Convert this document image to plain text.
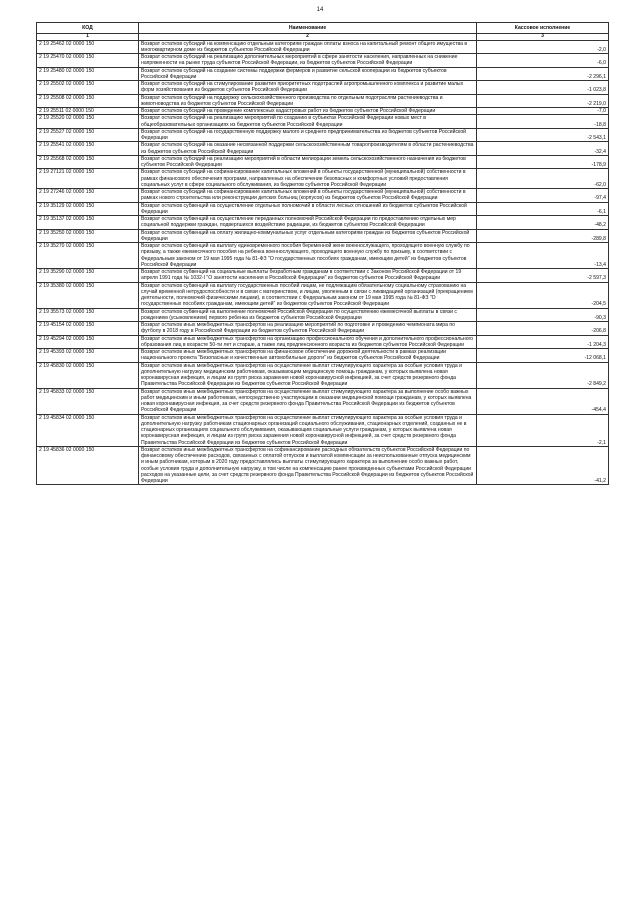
14
КОД	Наименование	Кассовое исполнение
1	2	3
2 19 25462 02 0000 150	Возврат остатков субсидий на компенсацию отдельным категориям граждан оплаты взноса на капитальный ремонт общего имущества в многоквартирном доме из бюджетов субъектов Российской Федерации	-2,0
2 19 25470 02 0000 150	Возврат остатков субсидий на реализацию дополнительных мероприятий в сфере занятости населения, направленных на снижение напряженности на рынке труда субъектов Российской Федерации, из бюджетов субъектов Российской Федерации	-6,0
2 19 25480 02 0000 150	Возврат остатков субсидий на создание системы поддержки фермеров и развитие сельской кооперации из бюджетов субъектов Российской Федерации	-2 296,1
2 19 25502 02 0000 150	Возврат остатков субсидий на стимулирование развития приоритетных подотраслей агропромышленного комплекса и развитие малых форм хозяйствования из бюджетов субъектов Российской Федерации	-1 023,8
2 19 25508 02 0000 150	Возврат остатков субсидий на поддержку сельскохозяйственного производства по отдельным подотраслям растениеводства и животноводства из бюджетов субъектов Российской Федерации	-2 219,0
2 19 25511 02 0000 150	Возврат остатков субсидий на проведение комплексных кадастровых работ из бюджетов субъектов Российской Федерации	-7,0
2 19 25520 02 0000 150	Возврат остатков субсидий на реализацию мероприятий по созданию в субъектах Российской Федерации новых мест в общеобразовательных организациях из бюджетов субъектов Российской Федерации	-18,8
2 19 25527 02 0000 150	Возврат остатков субсидий на государственную поддержку малого и среднего предпринимательства из бюджетов субъектов Российской Федерации	-2 543,1
2 19 25541 02 0000 150	Возврат остатков субсидий на оказание несвязанной поддержки сельскохозяйственным товаропроизводителям в области растениеводства из бюджетов субъектов Российской Федерации	-32,4
2 19 25568 02 0000 150	Возврат остатков субсидий на реализацию мероприятий в области мелиорации земель сельскохозяйственного назначения из бюджетов субъектов Российской Федерации	-178,9
2 19 27121 02 0000 150	Возврат остатков субсидий на софинансирование капитальных вложений в объекты государственной (муниципальной) собственности в рамках финансового обеспечения программ, направленных на обеспечение безопасных и комфортных условий предоставления социальных услуг в сфере социального обслуживания, из бюджетов субъектов Российской Федерации	-62,0
2 19 27246 02 0000 150	Возврат остатков субсидий на софинансирование капитальных вложений в объекты государственной (муниципальной) собственности в рамках нового строительства или реконструкции детских больниц (корпусов) из бюджетов субъектов Российской Федерации	-97,4
2 19 35129 02 0000 150	Возврат остатков субвенций на осуществление отдельных полномочий в области лесных отношений из бюджетов субъектов Российской Федерации	-6,1
2 19 35137 02 0000 150	Возврат остатков субвенций на осуществление переданных полномочий Российской Федерации по предоставлению отдельных мер социальной поддержки граждан, подвергшихся воздействию радиации, из бюджетов субъектов Российской Федерации	-48,2
2 19 35250 02 0000 150	Возврат остатков субвенций на оплату жилищно-коммунальных услуг отдельным категориям граждан из бюджетов субъектов Российской Федерации	-289,8
2 19 35270 02 0000 150	Возврат остатков субвенций на выплату единовременного пособия беременной жене военнослужащего, проходящего военную службу по призыву, а также ежемесячного пособия на ребенка военнослужащего, проходящего военную службу по призыву, в соответствии с Федеральным законом от 19 мая 1995 года № 81-ФЗ "О государственных пособиях гражданам, имеющим детей" из бюджетов субъектов Российской Федерации	-13,4
2 19 35290 02 0000 150	Возврат остатков субвенций на социальные выплаты безработным гражданам в соответствии с Законом Российской Федерации от 19 апреля 1991 года № 1032-I "О занятости населения в Российской Федерации" из бюджетов субъектов Российской Федерации	-2 597,3
2 19 35380 02 0000 150	Возврат остатков субвенций на выплату государственных пособий лицам, не подлежащим обязательному социальному страхованию на случай временной нетрудоспособности и в связи с материнством, и лицам, уволенным в связи с ликвидацией организаций (прекращением деятельности, полномочий физическими лицами), в соответствии с Федеральным законом от 19 мая 1995 года № 81-ФЗ "О государственных пособиях гражданам, имеющим детей" из бюджетов субъектов Российской Федерации	-204,5
2 19 35573 02 0000 150	Возврат остатков субвенций на выполнение полномочий Российской Федерации по осуществлению ежемесячной выплаты в связи с рождением (усыновлением) первого ребенка из бюджетов субъектов Российской Федерации	-90,3
2 19 45154 02 0000 150	Возврат остатков иных межбюджетных трансфертов на реализацию мероприятий по подготовке и проведению чемпионата мира по футболу в 2018 году в Российской Федерации из бюджетов субъектов Российской Федерации	-206,8
2 19 45294 02 0000 150	Возврат остатков иных межбюджетных трансфертов на организацию профессионального обучения и дополнительного профессионального образования лиц в возрасте 50-ти лет и старше, а также лиц предпенсионного возраста из бюджетов субъектов Российской Федерации	-1 204,3
2 19 45393 02 0000 150	Возврат остатков иных межбюджетных трансфертов на финансовое обеспечение дорожной деятельности в рамках реализации национального проекта "Безопасные и качественные автомобильные дороги" из бюджетов субъектов Российской Федерации	-12 068,1
2 19 45830 02 0000 150	Возврат остатков иных межбюджетных трансфертов на осуществление выплат стимулирующего характера за особые условия труда и дополнительную нагрузку медицинским работникам, оказывающим медицинскую помощь гражданам, у которых выявлена новая коронавирусная инфекция, и лицам из групп риска заражения новой коронавирусной инфекцией, за счет средств резервного фонда Правительства Российской Федерации из бюджетов субъектов Российской Федерации	-2 849,2
2 19 45833 02 0000 150	Возврат остатков иных межбюджетных трансфертов на осуществление выплат стимулирующего характера за выполнение особо важных работ медицинским и иным работникам, непосредственно участвующим в оказании медицинской помощи гражданам, у которых выявлена новая коронавирусная инфекция, за счет средств резервного фонда Правительства Российской Федерации из бюджетов субъектов Российской Федерации	-454,4
2 19 45834 02 0000 150	Возврат остатков иных межбюджетных трансфертов на осуществление выплат стимулирующего характера за особые условия труда и дополнительную нагрузку работникам стационарных организаций социального обслуживания, стационарных отделений, созданных не в стационарных организациях социального обслуживания, оказывающим социальные услуги гражданам, у которых выявлена новая коронавирусная инфекция, и лицам из групп риска заражения новой коронавирусной инфекцией, за счет средств резервного фонда Правительства Российской Федерации из бюджетов субъектов Российской Федерации	-2,1
2 19 45836 02 0000 150	Возврат остатков иных межбюджетных трансфертов на софинансирование расходных обязательств субъектов Российской Федерации по финансовому обеспечению расходов, связанных с оплатой отпусков и выплатой компенсации за неиспользованные отпуска медицинским и иным работникам, которым в 2020 году предоставлялись выплаты стимулирующего характера за выполнение особо важных работ, особые условия труда и дополнительную нагрузку, в том числе на компенсацию ранее произведенных субъектами Российской Федерации расходов на указанные цели, за счет средств резервного фонда Правительства Российской Федерации из бюджетов субъектов Российской Федерации	-41,2
